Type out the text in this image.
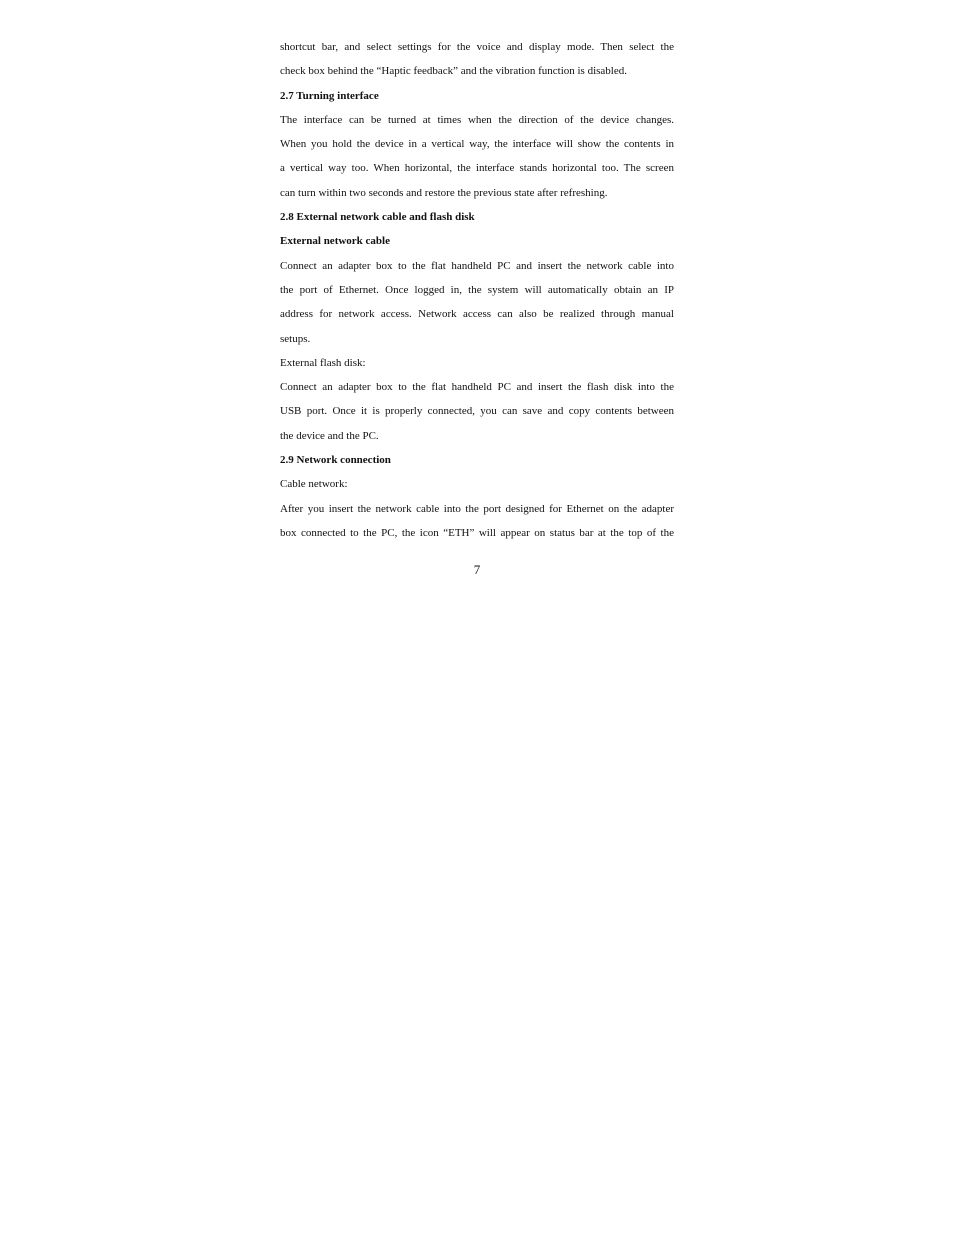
shortcut bar, and select settings for the voice and display mode. Then select the
check box behind the “Haptic feedback” and the vibration function is disabled.
2.7 Turning interface
The interface can be turned at times when the direction of the device changes.
When you hold the device in a vertical way, the interface will show the contents in
a vertical way too. When horizontal, the interface stands horizontal too. The screen
can turn within two seconds and restore the previous state after refreshing.
2.8 External network cable and flash disk
External network cable
Connect an adapter box to the flat handheld PC and insert the network cable into
the port of Ethernet. Once logged in, the system will automatically obtain an IP
address for network access. Network access can also be realized through manual
setups.
External flash disk:
Connect an adapter box to the flat handheld PC and insert the flash disk into the
USB port. Once it is properly connected, you can save and copy contents between
the device and the PC.
2.9 Network connection
Cable network:
After you insert the network cable into the port designed for Ethernet on the adapter
box connected to the PC, the icon “ETH” will appear on status bar at the top of the
7
